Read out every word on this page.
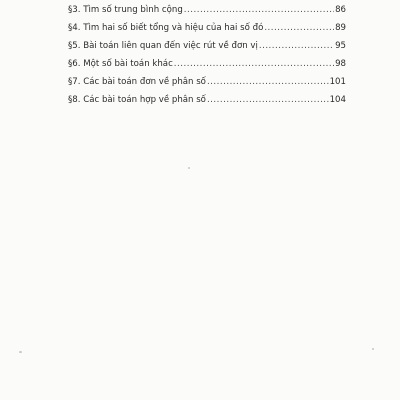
§3. Tìm số trung bình cộng .....	86
§4. Tìm hai số biết tổng và hiệu của hai số đó .....	89
§5. Bài toán liên quan đến việc rút về đơn vị .....	95
§6. Một số bài toán khác .....	98
§7. Các bài toán đơn về phân số .....	101
§8. Các bài toán hợp về phân số .....	104
